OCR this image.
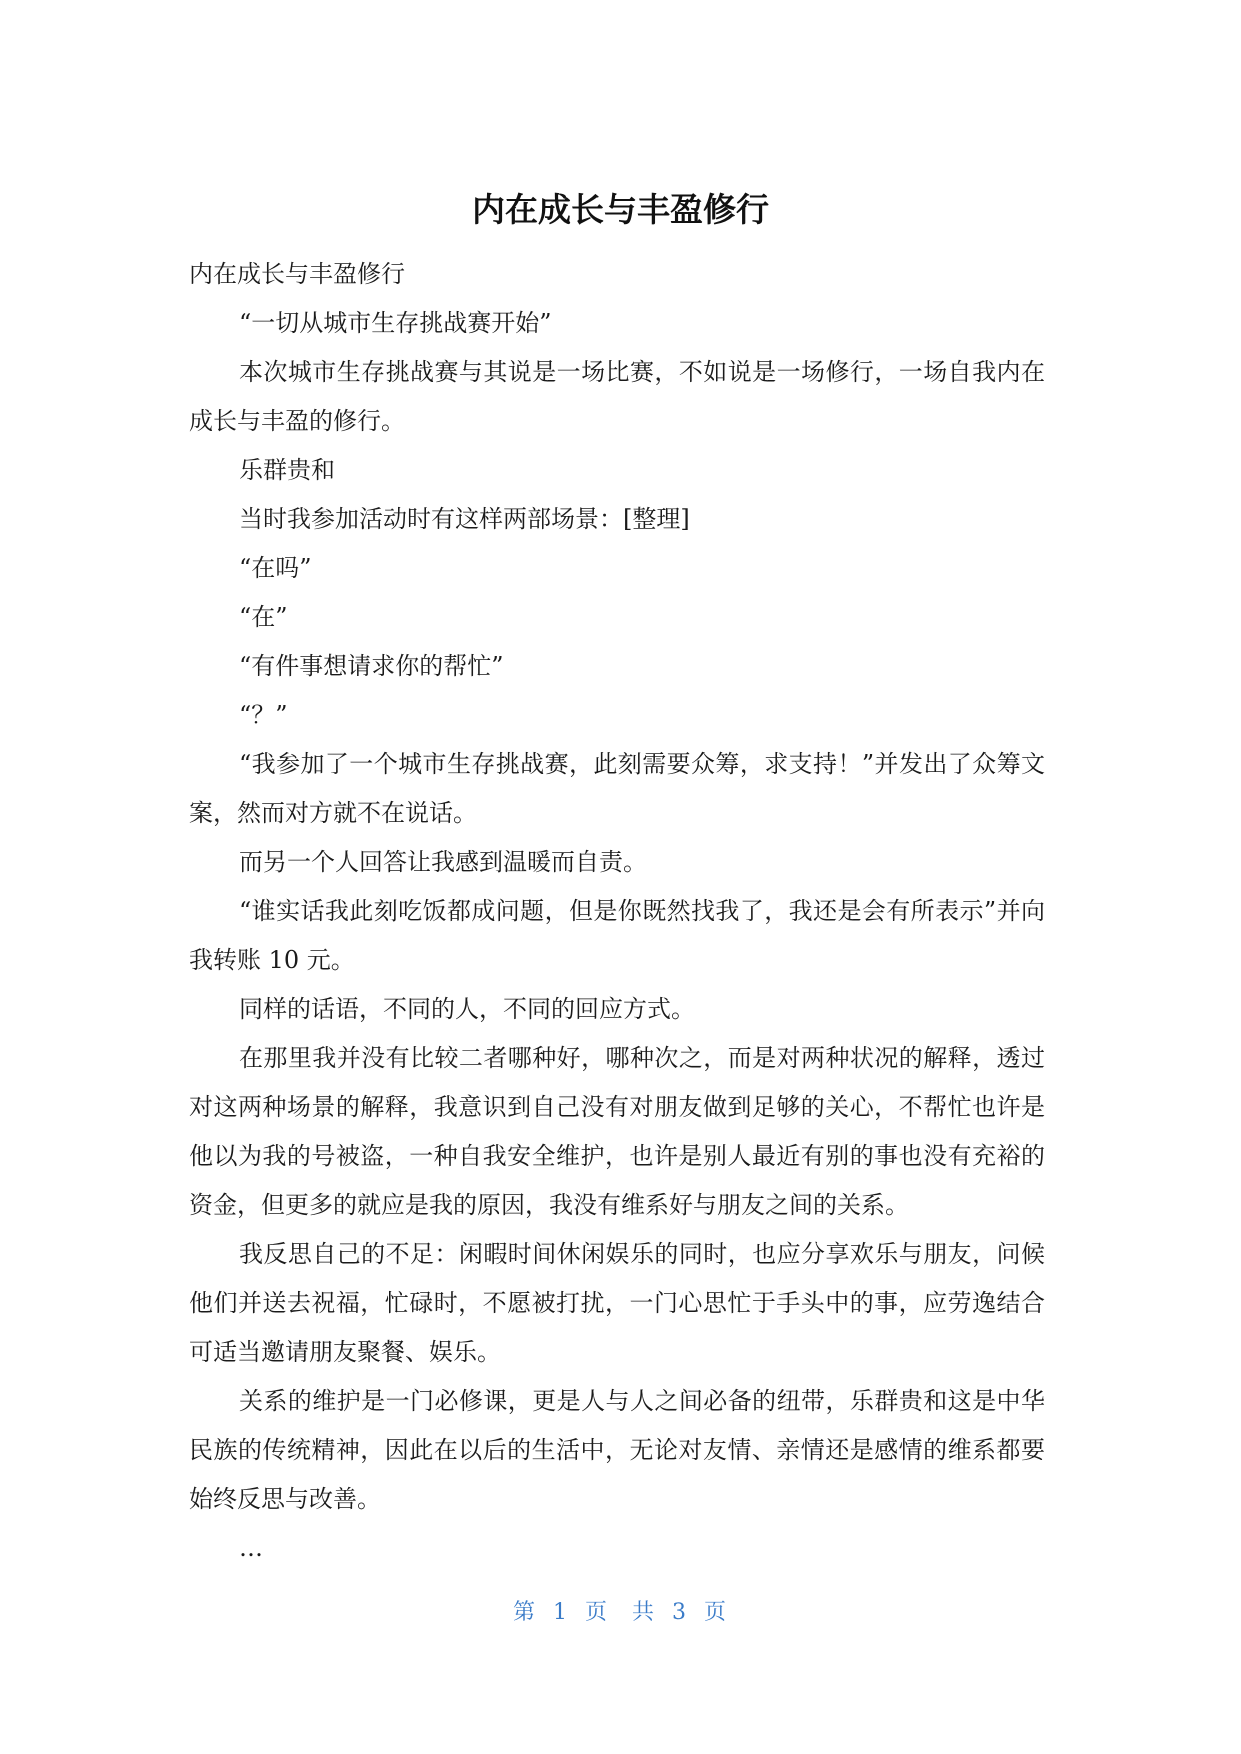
内在成长与丰盈修行

内在成长与丰盈修行

“一切从城市生存挑战赛开始”

本次城市生存挑战赛与其说是一场比赛，不如说是一场修行，一场自我内在成长与丰盈的修行。

乐群贵和

当时我参加活动时有这样两部场景：[整理]

“在吗”

“在”

“有件事想请求你的帮忙”

“？”

“我参加了一个城市生存挑战赛，此刻需要众筹，求支持！”并发出了众筹文案，然而对方就不在说话。

而另一个人回答让我感到温暖而自责。

“谁实话我此刻吃饭都成问题，但是你既然找我了，我还是会有所表示”并向我转账 10 元。

同样的话语，不同的人，不同的回应方式。

在那里我并没有比较二者哪种好，哪种次之，而是对两种状况的解释，透过对这两种场景的解释，我意识到自己没有对朋友做到足够的关心，不帮忙也许是他以为我的号被盗，一种自我安全维护，也许是别人最近有别的事也没有充裕的资金，但更多的就应是我的原因，我没有维系好与朋友之间的关系。

我反思自己的不足：闲暇时间休闲娱乐的同时，也应分享欢乐与朋友，问候他们并送去祝福，忙碌时，不愿被打扰，一门心思忙于手头中的事，应劳逸结合可适当邀请朋友聚餐、娱乐。

关系的维护是一门必修课，更是人与人之间必备的纽带，乐群贵和这是中华民族的传统精神，因此在以后的生活中，无论对友情、亲情还是感情的维系都要始终反思与改善。

…

第 1 页 共 3 页
